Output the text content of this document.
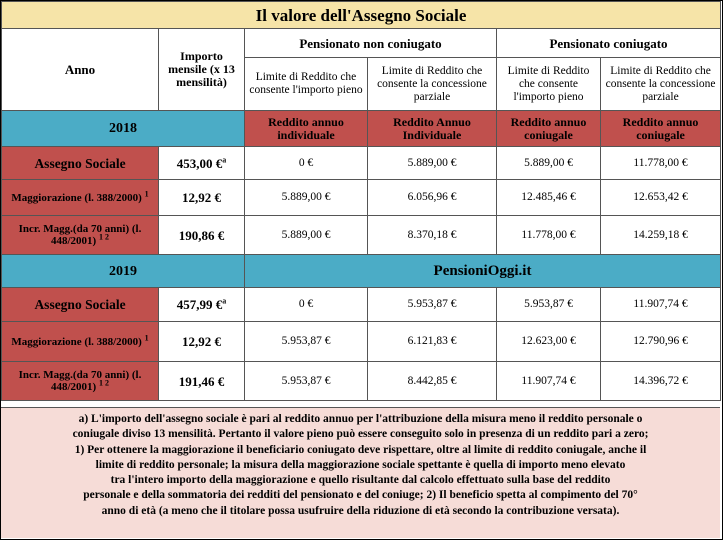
Il valore dell'Assegno Sociale					
Anno	Importo mensile (x 13 mensilità)	Pensionato non coniugato		Pensionato coniugato	
		Limite di Reddito che consente l'importo pieno	Limite di Reddito che consente la concessione parziale	Limite di Reddito che consente l'importo pieno	Limite di Reddito che consente la concessione parziale
2018		Reddito annuo individuale	Reddito Annuo Individuale	Reddito annuo coniugale	Reddito annuo coniugale
Assegno Sociale	453,00 €$^a$	0 €	5.889,00 €	5.889,00 €	11.778,00 €
Maggiorazione (l. 388/2000) $^1$	12,92 €	5.889,00 €	6.056,96 €	12.485,46 €	12.653,42 €
Incr. Magg.(da 70 anni) (l. 448/2001) $^{1 2}$	190,86 €	5.889,00 €	8.370,18 €	11.778,00 €	14.259,18 €
2019		PensioniOggi.it			
Assegno Sociale	457,99 €$^a$	0 €	5.953,87 €	5.953,87 €	11.907,74 €
Maggiorazione (l. 388/2000) $^1$	12,92 €	5.953,87 €	6.121,83 €	12.623,00 €	12.790,96 €
Incr. Magg.(da 70 anni) (l. 448/2001) $^{1 2}$	191,46 €	5.953,87 €	8.442,85 €	11.907,74 €	14.396,72 €
a) L'importo dell'assegno sociale è pari al reddito annuo per l'attribuzione della misura meno il reddito personale o
coniugale diviso 13 mensilità. Pertanto il valore pieno può essere conseguito solo in presenza di un reddito pari a zero;
1) Per ottenere la maggiorazione il beneficiario coniugato deve rispettare, oltre al limite di reddito coniugale, anche il
limite di reddito personale; la misura della maggiorazione sociale spettante è quella di importo meno elevato
tra l'intero importo della maggiorazione e quello risultante dal calcolo effettuato sulla base del reddito
personale e della sommatoria dei redditi del pensionato e del coniuge; 2) Il beneficio spetta al compimento del 70°
anno di età (a meno che il titolare possa usufruire della riduzione di età secondo la contribuzione versata).
